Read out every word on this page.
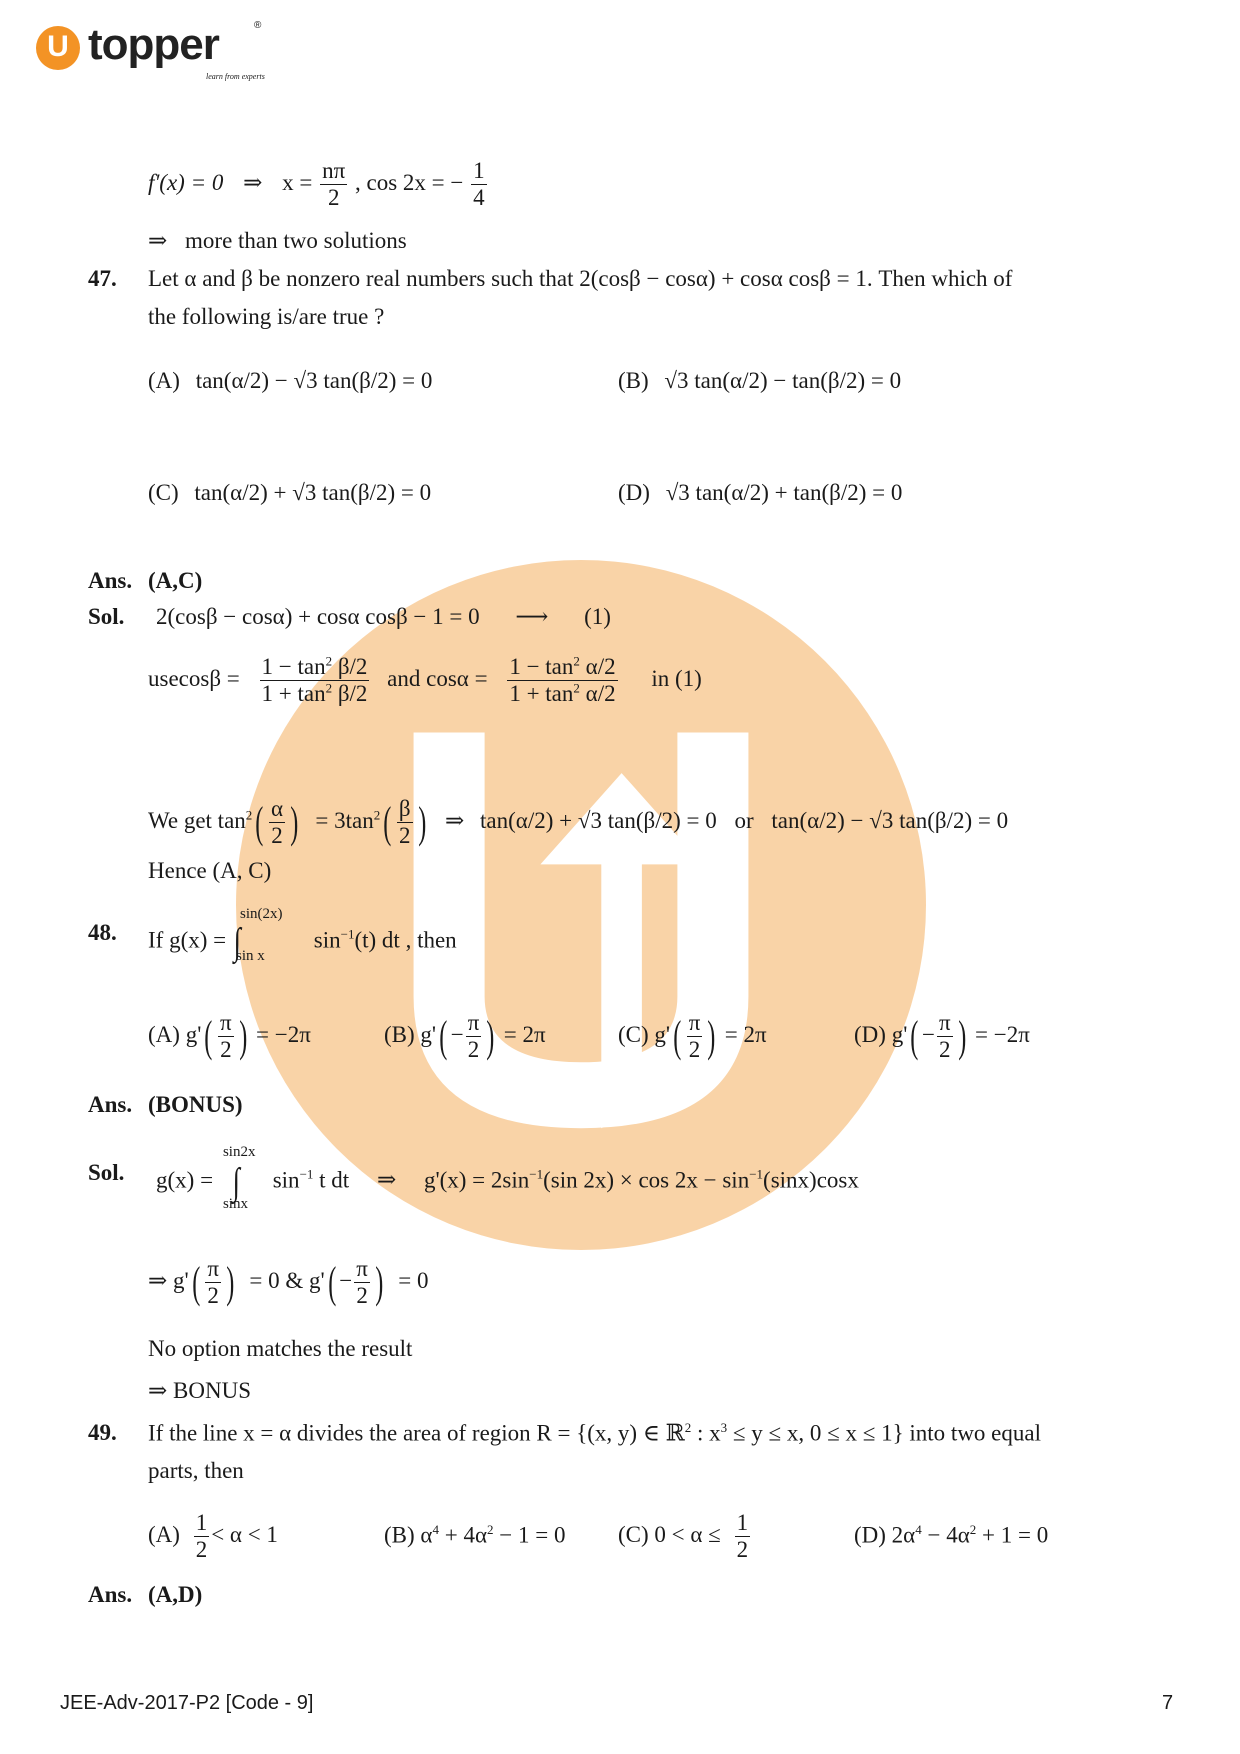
U topper	®
learn from experts
f'(x) = 0 ⇒ $x = \frac{n\pi}{2}$ , cos 2x = − $\frac{1}{4}$
⇒ more than two solutions
47. Let α and β be nonzero real numbers such that 2(cosβ − cosα) + cosα cosβ = 1. Then which of
the following is/are true ?
(A) tan(α/2) − √3 tan(β/2) = 0	(B) √3 tan(α/2) − tan(β/2) = 0
(C) tan(α/2) + √3 tan(β/2) = 0	(D) √3 tan(α/2) + tan(β/2) = 0
Ans. (A,C)
Sol. 2(cosβ − cosα) + cosα cosβ − 1 = 0 ⟶ (1)
$usecos\beta = \frac{1 - \tan^2 \beta/2}{1 + \tan^2 \beta/2}$ and $\cos\alpha = \frac{1 - \tan^2 \alpha/2}{1 + \tan^2 \alpha/2}$ in (1)
We get $\tan^2( \frac{\alpha}{2}$ ) = $3\tan^2( \frac{\beta}{2}$ ) ⇒ tan(α/2) + √3 tan(β/2) = 0 or tan(α/2) − √3 tan(β/2) = 0
Hence (A, C)
48. If g(x) = ∫
sin(2x)
sin x
$\sin^{-1}(t)$ dt , then
(A) $g'( \frac{\pi}{2}$ ) = −2π	(B) $g'( - \frac{\pi}{2}$ ) = 2π	(C) $g'( \frac{\pi}{2}$ ) = 2π	(D) $g'( - \frac{\pi}{2}$ ) = −2π
Ans. (BONUS)
Sol. g(x) = ∫
sin2x
sinx
$\sin^{-1} t$ dt ⇒ $g'(x) = 2\sin^{-1}(\sin$ $2x) \times \cos 2x - \sin^{-1}(\sin x)\cos x$
⇒ $g'( \frac{\pi}{2}$ ) = 0 & $g'( - \frac{\pi}{2}$ ) = 0
No option matches the result
⇒ BONUS
49. If the line x = α divides the area of region R = {(x, y) ∈ ℝ$^2$ : $x^3 \le y \le x$, 0 ≤ x ≤ 1} into two equal
parts, then
$(A) \frac{1}{2} < \alpha < 1$	(B) $\alpha^4 + 4\alpha^2 - 1 = 0$ (C) $0 < \alpha \le \frac{1}{2}$	(D) $2\alpha^4 - 4\alpha^2 + 1 = 0$
Ans. (A,D)
JEE-Adv-2017-P2 [Code - 9]	7
